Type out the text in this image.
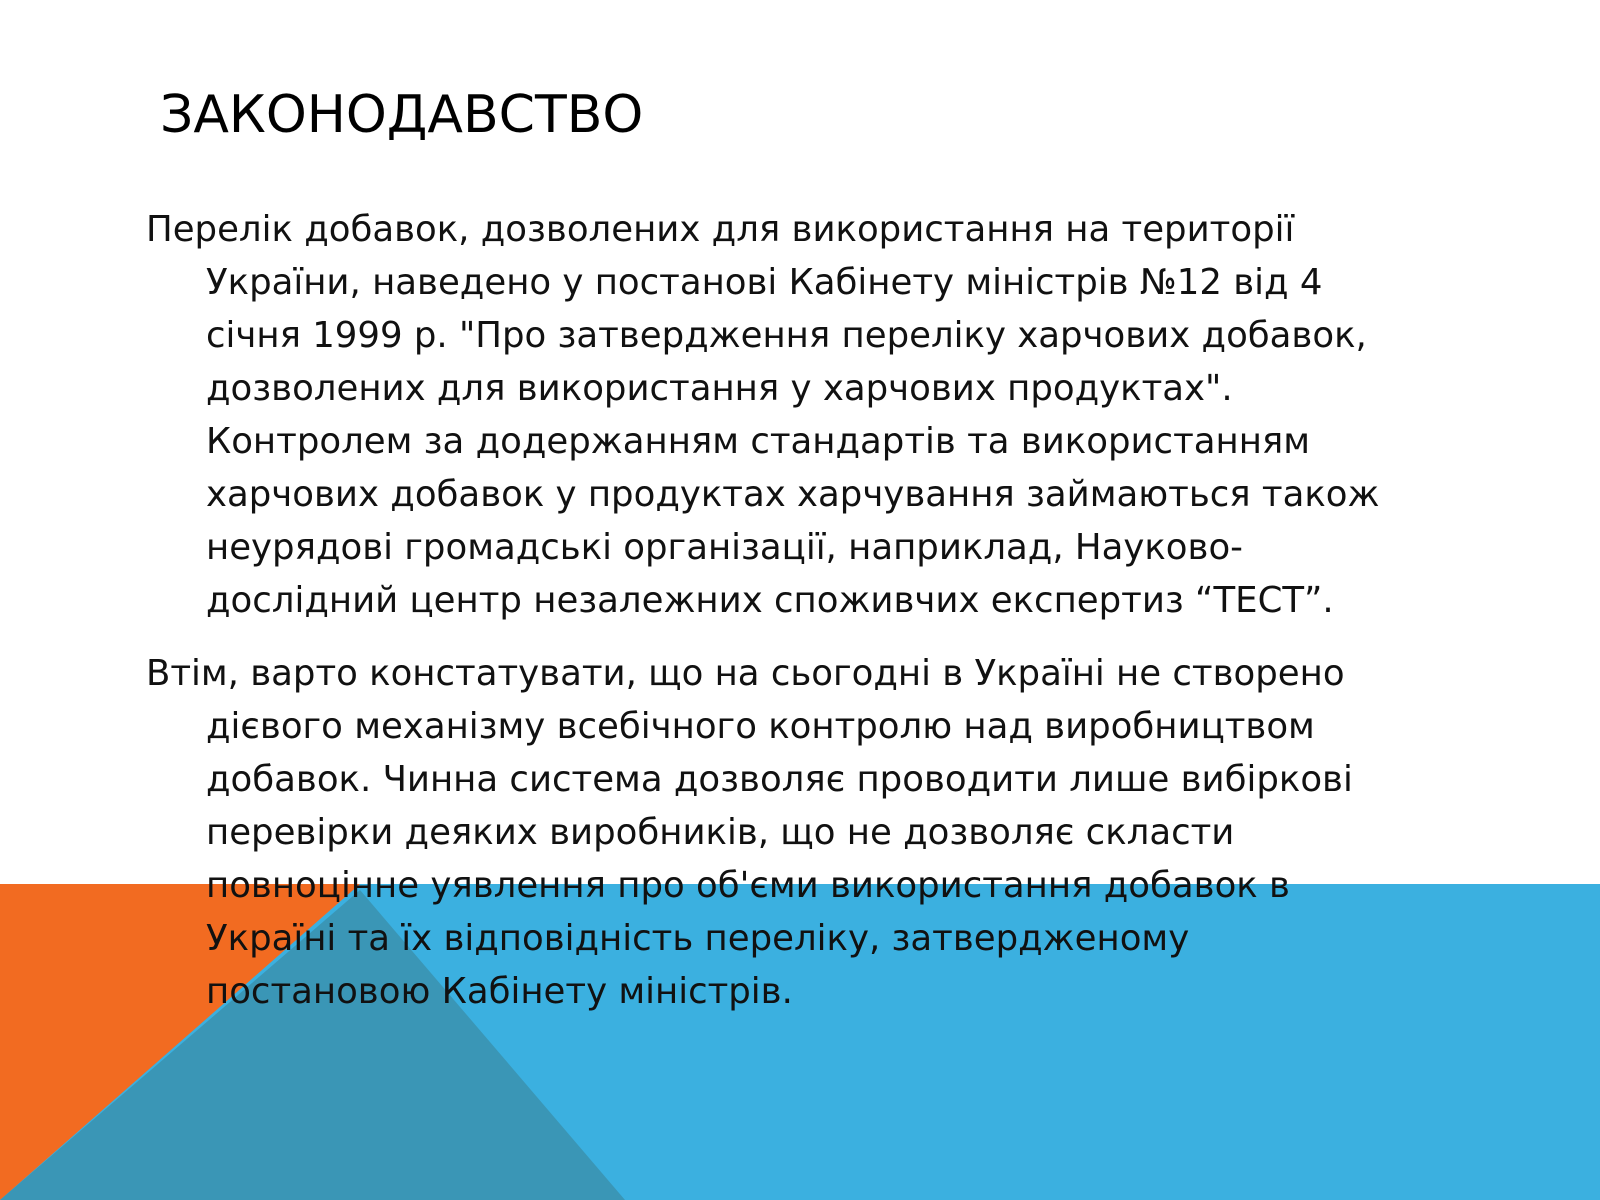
ЗАКОНОДАВСТВО

Перелік добавок, дозволених для використання на території України, наведено у постанові Кабінету міністрів №12 від 4 січня 1999 р. "Про затвердження переліку харчових добавок, дозволених для використання у харчових продуктах". Контролем за додержанням стандартів та використанням харчових добавок у продуктах харчування займаються також неурядові громадські організації, наприклад, Науково-дослідний центр незалежних споживчих експертиз “ТЕСТ”.

Втім, варто констатувати, що на сьогодні в Україні не створено дієвого механізму всебічного контролю над виробництвом добавок. Чинна система дозволяє проводити лише вибіркові перевірки деяких виробників, що не дозволяє скласти повноцінне уявлення про об'єми використання добавок в Україні та їх відповідність переліку, затвердженому постановою Кабінету міністрів.
